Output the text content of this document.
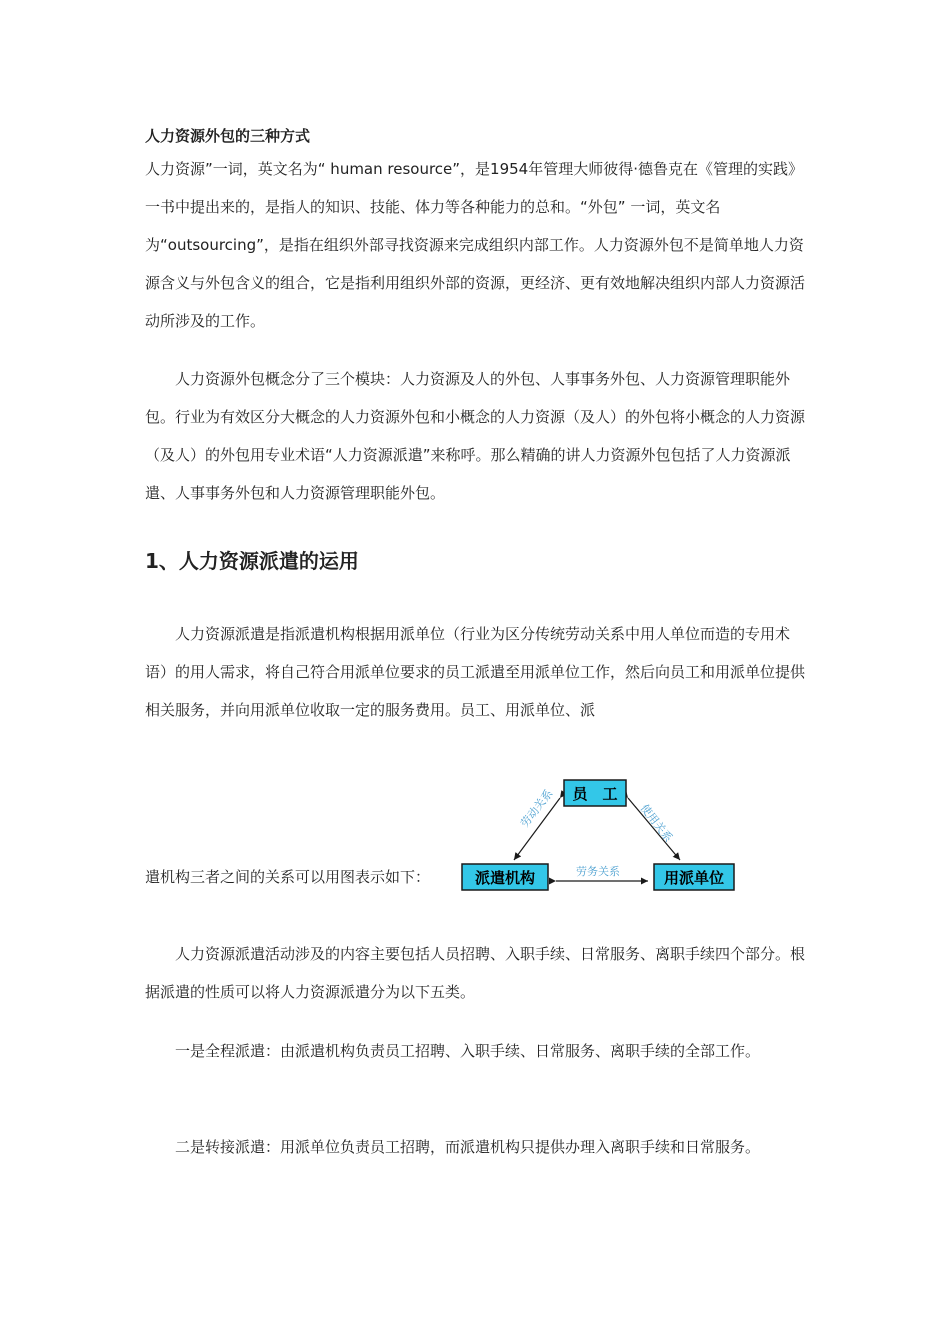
人力资源外包的三种方式

人力资源”一词，英文名为“ human resource”，是1954年管理大师彼得·德鲁克在《管理的实践》一书中提出来的，是指人的知识、技能、体力等各种能力的总和。“外包” 一词，英文名为“outsourcing”，是指在组织外部寻找资源来完成组织内部工作。人力资源外包不是简单地人力资源含义与外包含义的组合，它是指利用组织外部的资源，更经济、更有效地解决组织内部人力资源活动所涉及的工作。

人力资源外包概念分了三个模块：人力资源及人的外包、人事事务外包、人力资源管理职能外包。行业为有效区分大概念的人力资源外包和小概念的人力资源（及人）的外包将小概念的人力资源（及人）的外包用专业术语“人力资源派遣”来称呼。那么精确的讲人力资源外包包括了人力资源派遣、人事事务外包和人力资源管理职能外包。

1、人力资源派遣的运用

人力资源派遣是指派遣机构根据用派单位（行业为区分传统劳动关系中用人单位而造的专用术语）的用人需求，将自己符合用派单位要求的员工派遣至用派单位工作，然后向员工和用派单位提供相关服务，并向用派单位收取一定的服务费用。员工、用派单位、派

遣机构三者之间的关系可以用图表示如下：
劳动关系	使用关系
劳务关系
员　工
派遣机构	用派单位

人力资源派遣活动涉及的内容主要包括人员招聘、入职手续、日常服务、离职手续四个部分。根据派遣的性质可以将人力资源派遣分为以下五类。

一是全程派遣：由派遣机构负责员工招聘、入职手续、日常服务、离职手续的全部工作。

二是转接派遣：用派单位负责员工招聘，而派遣机构只提供办理入离职手续和日常服务。
